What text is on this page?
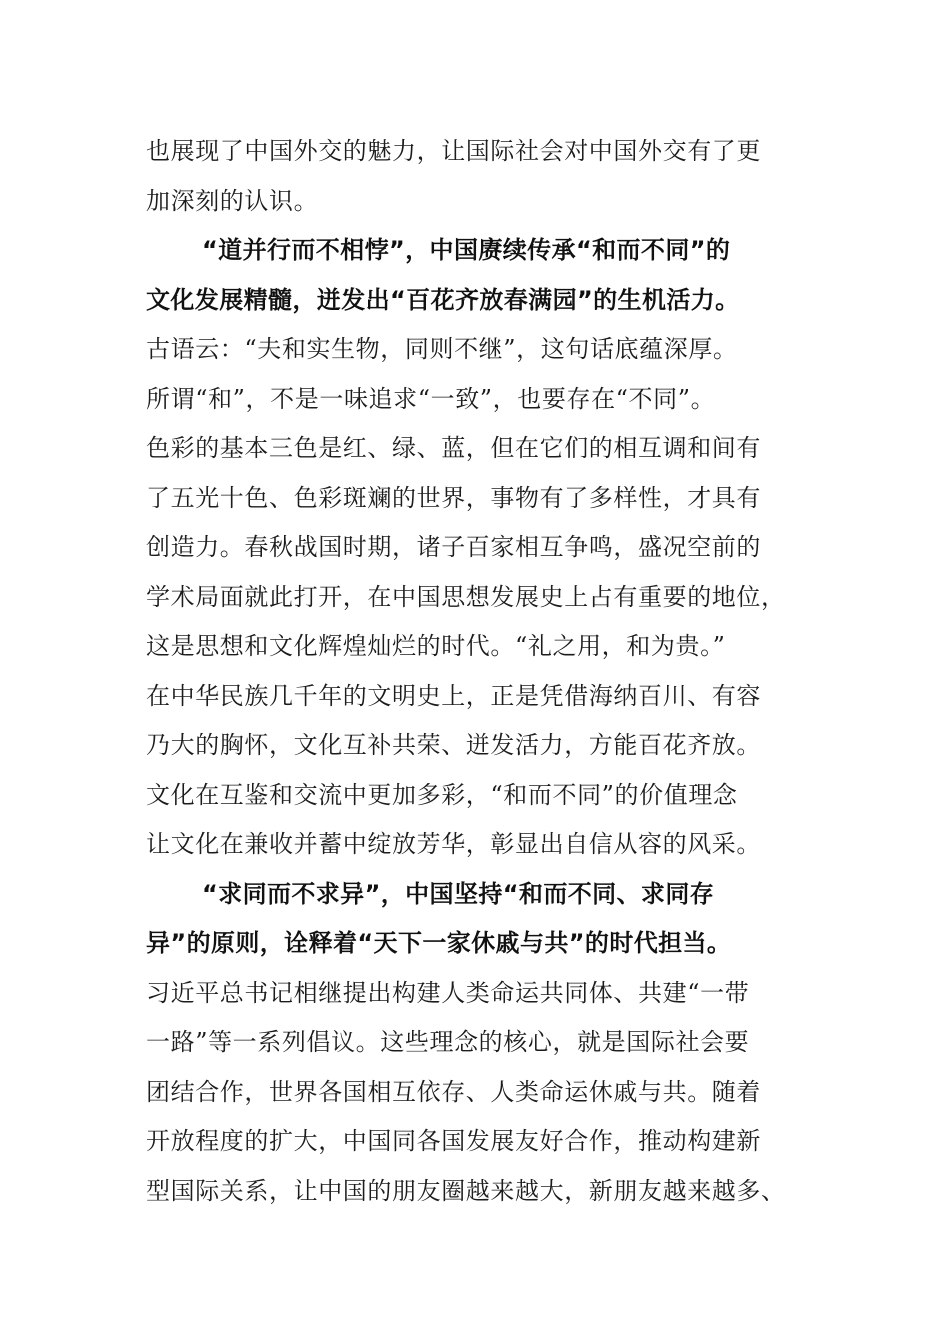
也展现了中国外交的魅力，让国际社会对中国外交有了更
加深刻的认识。
“道并行而不相悖”，中国赓续传承“和而不同”的
文化发展精髓，迸发出“百花齐放春满园”的生机活力。
古语云：“夫和实生物，同则不继”，这句话底蕴深厚。
所谓“和”，不是一味追求“一致”，也要存在“不同”。
色彩的基本三色是红、绿、蓝，但在它们的相互调和间有
了五光十色、色彩斑斓的世界，事物有了多样性，才具有
创造力。春秋战国时期，诸子百家相互争鸣，盛况空前的
学术局面就此打开，在中国思想发展史上占有重要的地位，
这是思想和文化辉煌灿烂的时代。“礼之用，和为贵。”
在中华民族几千年的文明史上，正是凭借海纳百川、有容
乃大的胸怀，文化互补共荣、迸发活力，方能百花齐放。
文化在互鉴和交流中更加多彩，“和而不同”的价值理念
让文化在兼收并蓄中绽放芳华，彰显出自信从容的风采。
“求同而不求异”，中国坚持“和而不同、求同存
异”的原则，诠释着“天下一家休戚与共”的时代担当。
习近平总书记相继提出构建人类命运共同体、共建“一带
一路”等一系列倡议。这些理念的核心，就是国际社会要
团结合作，世界各国相互依存、人类命运休戚与共。随着
开放程度的扩大，中国同各国发展友好合作，推动构建新
型国际关系，让中国的朋友圈越来越大，新朋友越来越多、
